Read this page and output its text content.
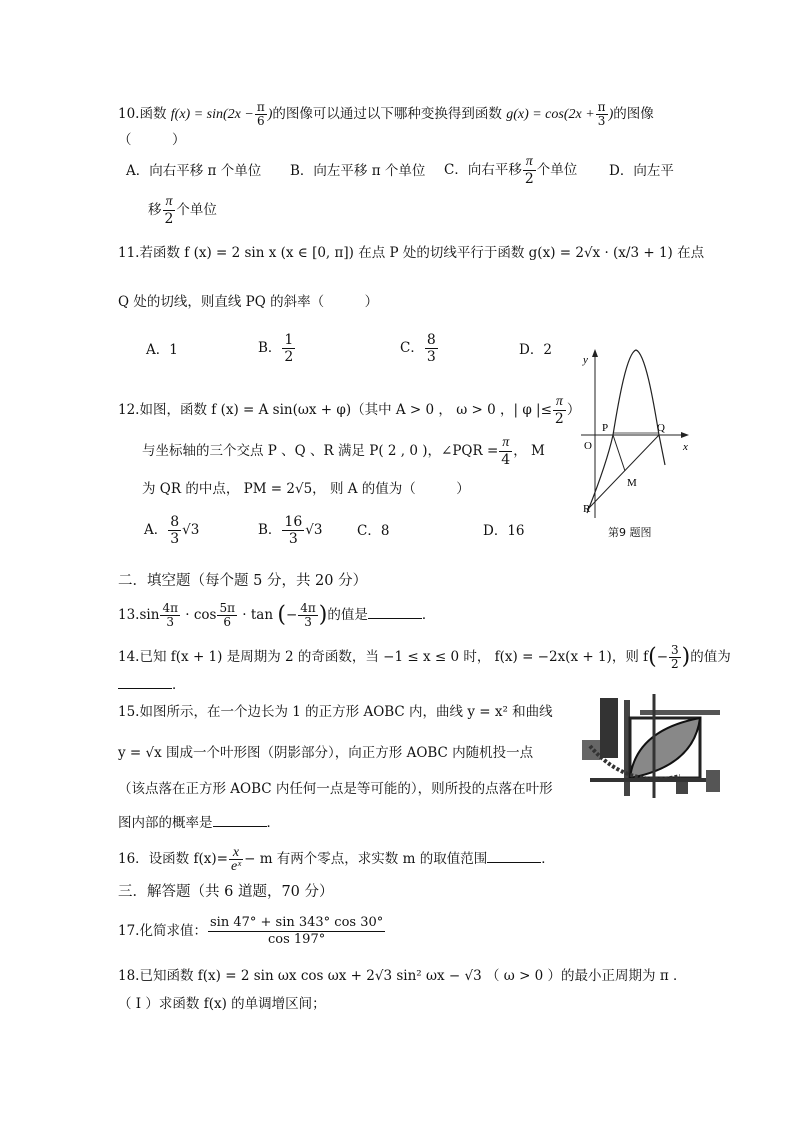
10.函数 $f(x) = \sin(2x - \frac{\pi}{6}$ )的图像可以通过以下哪种变换得到函数 $g(x) = \cos(2x + \frac{\pi}{3}$ )的图像
（　　　）
A．向右平移 π 个单位 B．向左平移 π 个单位 C．向右平移 $\frac{\pi}{2}$ 个单位 D．向左平
移 $\frac{\pi}{2}$ 个单位
11.若函数 f (x) = 2 sin x (x ∈ [0, π]) 在点 P 处的切线平行于函数 g(x) = 2√x · (x/3 + 1) 在点
Q 处的切线，则直线 PQ 的斜率（　　　）
A．1	B． $\frac{1}{2}$	C． $\frac{8}{3}$	D．2
12.如图，函数 f (x) = A sin(ωx + φ)（其中 A > 0 ， ω > 0 ，| φ |≤ $\frac{\pi}{2}$ ）
与坐标轴的三个交点 P 、Q 、R 满足 P( 2 , 0 )，∠PQR = $\frac{\pi}{4}$ ， M
为 QR 的中点， PM = 2√5， 则 A 的值为（　　　）
A． $\frac{8}{3} √3$	B． $\frac{16}{3} √3$	C．8	D．16
y
x
O
P	Q
M
R
第9 题图
二．填空题（每个题 5 分，共 20 分）
$13.\sin \frac{4\pi}{3} \cdot \cos \frac{5\pi}{6} \cdot \tan$ (− $\frac{4\pi}{3}$ )的值是	．
14.已知 f(x + 1) 是周期为 2 的奇函数，当 −1 ≤ x ≤ 0 时， f(x) = −2x(x + 1)，则 $f(- \frac{3}{2}$ )的值为
．
15.如图所示，在一个边长为 1 的正方形 AOBC 内，曲线 y = x² 和曲线
y = √x 围成一个叶形图（阴影部分），向正方形 AOBC 内随机投一点
（该点落在正方形 AOBC 内任何一点是等可能的），则所投的点落在叶形
图内部的概率是	．
16．设函数 $f(x)= \frac{x}{\text{eˣ}} - m$ 有两个零点，求实数 m 的取值范围	．
三．解答题（共 6 道题，70 分）
17.化简求值： $\frac{\sin 47^\circ + \sin 343^\circ \cos 30^\circ}{\cos 197^\circ}$
18.已知函数 f(x) = 2 sin ωx cos ωx + 2√3 sin² ωx − √3 （ ω > 0 ）的最小正周期为 π ．
（ I ）求函数 f(x) 的单调增区间；
